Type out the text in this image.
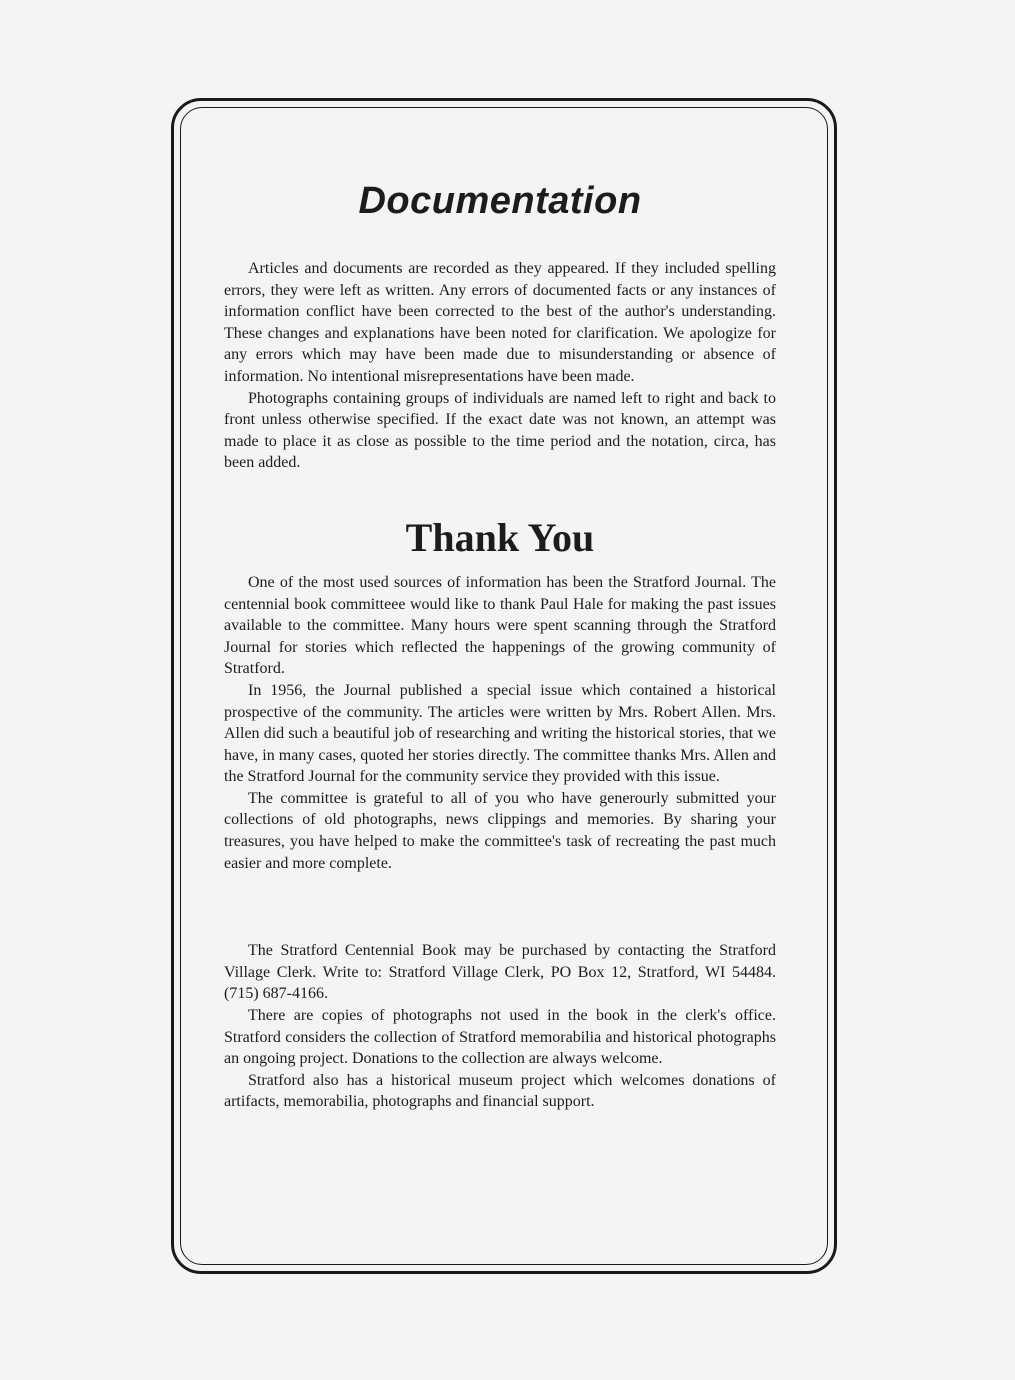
Documentation

Articles and documents are recorded as they appeared. If they included spelling errors, they were left as written. Any errors of documented facts or any instances of information conflict have been corrected to the best of the author's understanding. These changes and explanations have been noted for clarification. We apologize for any errors which may have been made due to misunderstanding or absence of information. No intentional misrepresentations have been made.

Photographs containing groups of individuals are named left to right and back to front unless otherwise specified. If the exact date was not known, an attempt was made to place it as close as possible to the time period and the notation, circa, has been added.

Thank You

One of the most used sources of information has been the Stratford Journal. The centennial book committeee would like to thank Paul Hale for making the past issues available to the committee. Many hours were spent scanning through the Stratford Journal for stories which reflected the happenings of the growing community of Stratford.

In 1956, the Journal published a special issue which contained a historical prospective of the community. The articles were written by Mrs. Robert Allen. Mrs. Allen did such a beautiful job of researching and writing the historical stories, that we have, in many cases, quoted her stories directly. The committee thanks Mrs. Allen and the Stratford Journal for the community service they provided with this issue.

The committee is grateful to all of you who have generourly submitted your collections of old photographs, news clippings and memories. By sharing your treasures, you have helped to make the committee's task of recreating the past much easier and more complete.

The Stratford Centennial Book may be purchased by contacting the Stratford Village Clerk. Write to: Stratford Village Clerk, PO Box 12, Stratford, WI 54484. (715) 687-4166.

There are copies of photographs not used in the book in the clerk's office. Stratford considers the collection of Stratford memorabilia and historical photographs an ongoing project. Donations to the collection are always welcome.

Stratford also has a historical museum project which welcomes donations of artifacts, memorabilia, photographs and financial support.
